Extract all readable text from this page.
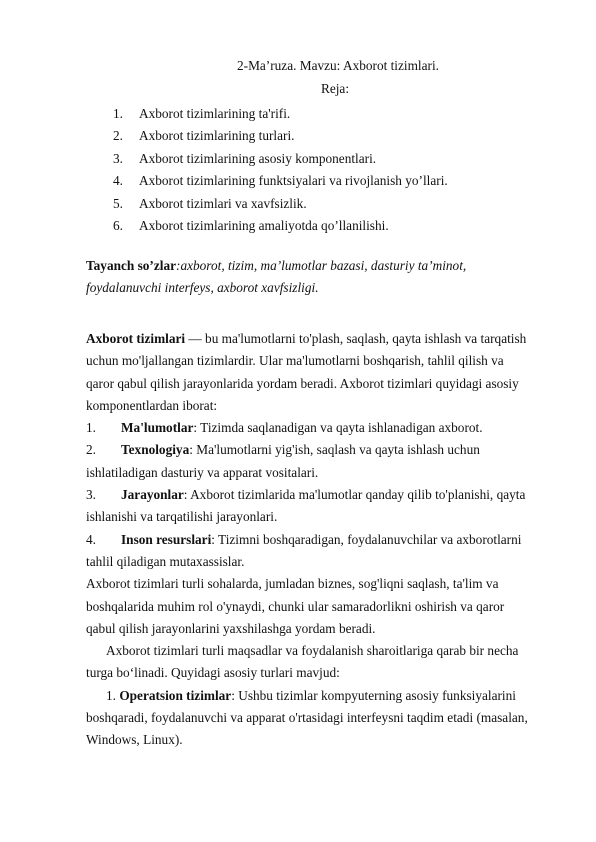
2-Ma’ruza. Mavzu: Axborot tizimlari.
Reja:
1.	Axborot tizimlarining ta'rifi.
2.	Axborot tizimlarining turlari.
3.	Axborot tizimlarining asosiy komponentlari.
4.	Axborot tizimlarining funktsiyalari va rivojlanish yo’llari.
5.	Axborot tizimlari va xavfsizlik.
6.	Axborot tizimlarining amaliyotda qo’llanilishi.
Tayanch so’zlar:axborot, tizim, ma’lumotlar bazasi, dasturiy ta’minot,
foydalanuvchi interfeys, axborot xavfsizligi.
Axborot tizimlari — bu ma'lumotlarni to'plash, saqlash, qayta ishlash va tarqatish
uchun mo'ljallangan tizimlardir. Ular ma'lumotlarni boshqarish, tahlil qilish va
qaror qabul qilish jarayonlarida yordam beradi. Axborot tizimlari quyidagi asosiy
komponentlardan iborat:
1. Ma'lumotlar: Tizimda saqlanadigan va qayta ishlanadigan axborot.
2. Texnologiya: Ma'lumotlarni yig'ish, saqlash va qayta ishlash uchun
ishlatiladigan dasturiy va apparat vositalari.
3. Jarayonlar: Axborot tizimlarida ma'lumotlar qanday qilib to'planishi, qayta
ishlanishi va tarqatilishi jarayonlari.
4. Inson resurslari: Tizimni boshqaradigan, foydalanuvchilar va axborotlarni
tahlil qiladigan mutaxassislar.
Axborot tizimlari turli sohalarda, jumladan biznes, sog'liqni saqlash, ta'lim va
boshqalarida muhim rol o'ynaydi, chunki ular samaradorlikni oshirish va qaror
qabul qilish jarayonlarini yaxshilashga yordam beradi.
Axborot tizimlari turli maqsadlar va foydalanish sharoitlariga qarab bir necha
turga bo‘linadi. Quyidagi asosiy turlari mavjud:
1. Operatsion tizimlar: Ushbu tizimlar kompyuterning asosiy funksiyalarini
boshqaradi, foydalanuvchi va apparat o'rtasidagi interfeysni taqdim etadi (masalan,
Windows, Linux).
